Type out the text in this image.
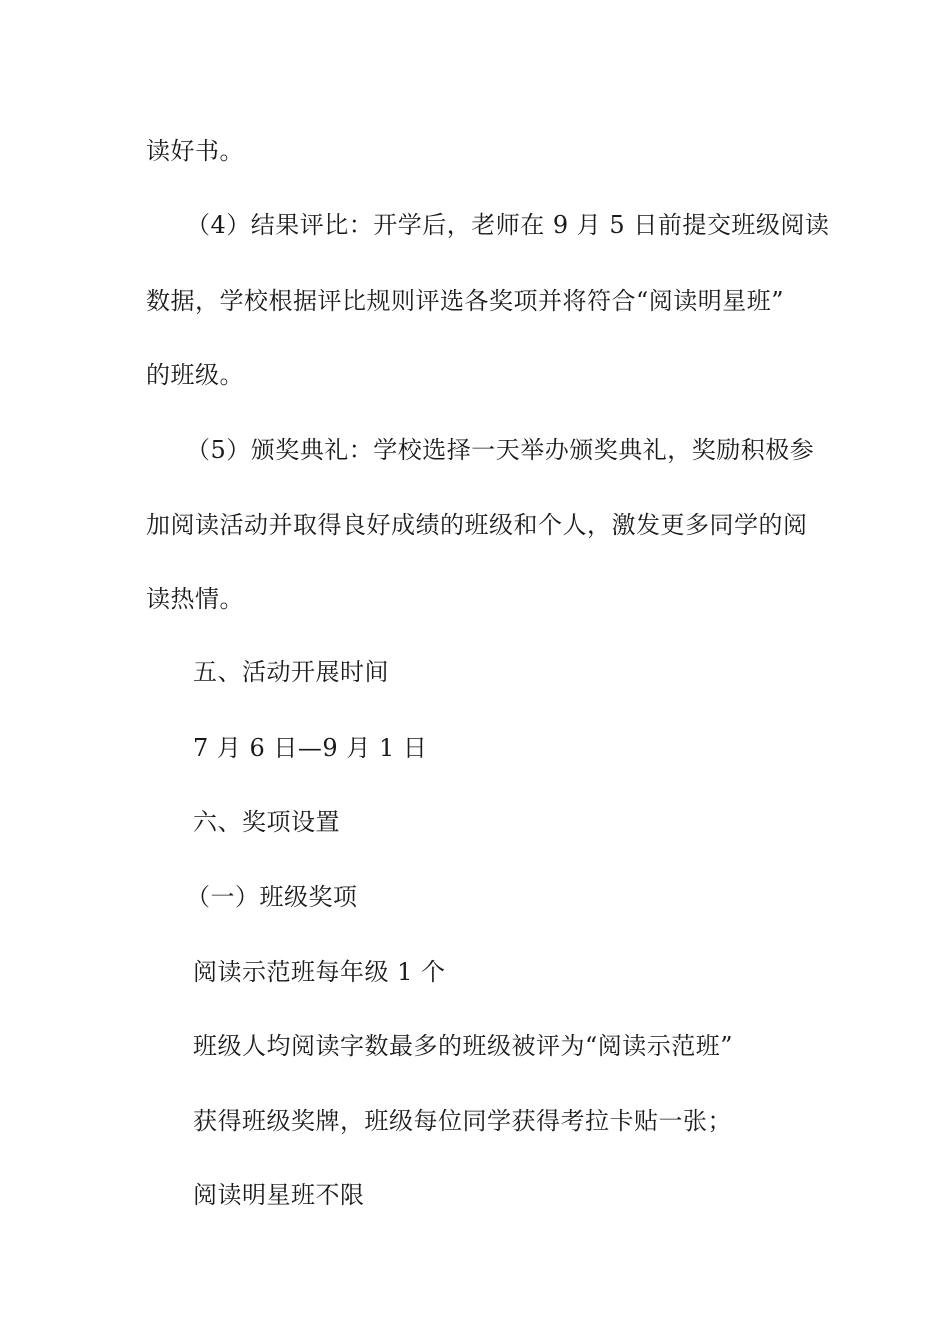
读好书。
（4）结果评比：开学后，老师在 9 月 5 日前提交班级阅读
数据，学校根据评比规则评选各奖项并将符合“阅读明星班”
的班级。
（5）颁奖典礼：学校选择一天举办颁奖典礼，奖励积极参
加阅读活动并取得良好成绩的班级和个人，激发更多同学的阅
读热情。
五、活动开展时间
7 月 6 日—9 月 1 日
六、奖项设置
（一）班级奖项
阅读示范班每年级 1 个
班级人均阅读字数最多的班级被评为“阅读示范班”
获得班级奖牌，班级每位同学获得考拉卡贴一张；
阅读明星班不限
